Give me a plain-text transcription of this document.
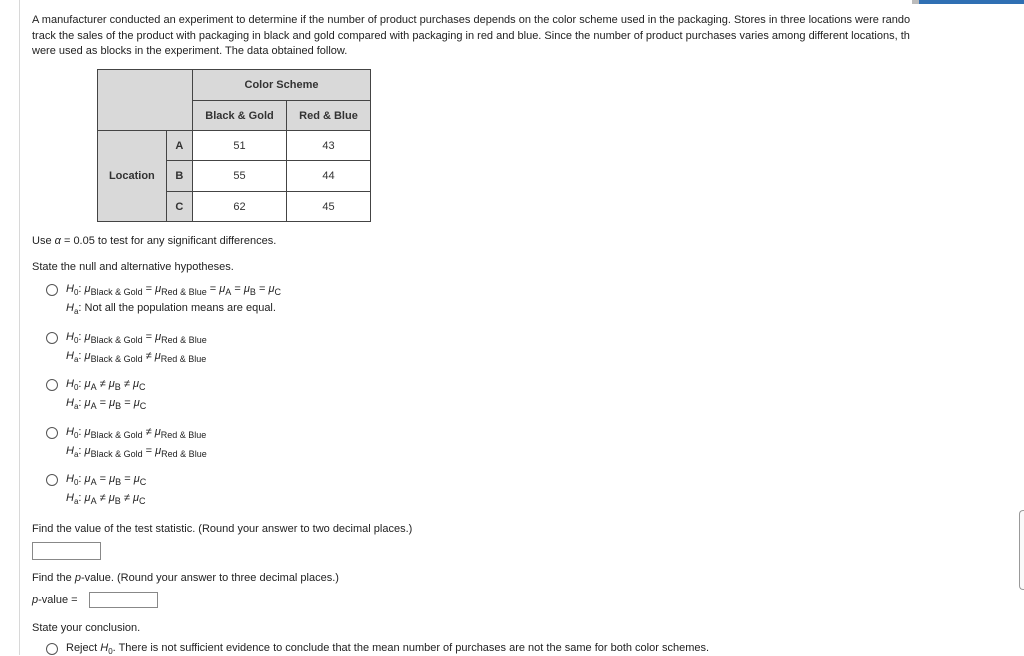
A manufacturer conducted an experiment to determine if the number of product purchases depends on the color scheme used in the packaging. Stores in three locations were rando
track the sales of the product with packaging in black and gold compared with packaging in red and blue. Since the number of product purchases varies among different locations, th
were used as blocks in the experiment. The data obtained follow.

		Color Scheme	
		Black & Gold	Red & Blue
Location	A	51	43
	B	55	44
	C	62	45

Use α = 0.05 to test for any significant differences.

State the null and alternative hypotheses.

$H_0$: $\mu_{Black \& Gold} = \mu_{Red \& Blue} = \mu_A = \mu_B = \mu_C$
$H_a$: Not all the population means are equal.
$H_0$: $\mu_{Black \& Gold} = \mu_{Red \& Blue}$
$H_a$: $\mu_{Black \& Gold} \ne \mu_{Red \& Blue}$
$H_0$: $\mu_A \ne \mu_B \ne \mu_C$
$H_a$: $\mu_A = \mu_B = \mu_C$
$H_0$: $\mu_{Black \& Gold} \ne \mu_{Red \& Blue}$
$H_a$: $\mu_{Black \& Gold} = \mu_{Red \& Blue}$
$H_0$: $\mu_A = \mu_B = \mu_C$
$H_a$: $\mu_A \ne \mu_B \ne \mu_C$

Find the value of the test statistic. (Round your answer to two decimal places.)

Find the p-value. (Round your answer to three decimal places.)

p-value =

State your conclusion.

Reject $H_0$. There is not sufficient evidence to conclude that the mean number of purchases are not the same for both color schemes.
